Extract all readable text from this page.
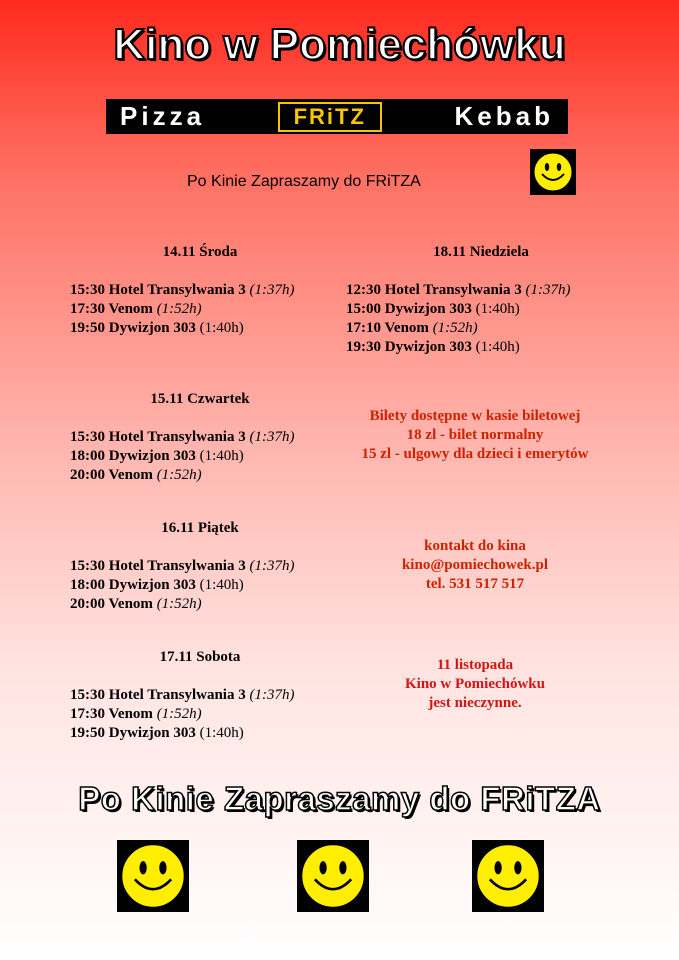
Kino w Pomiechówku
Pizza	FRiTZ	Kebab
Po Kinie Zapraszamy do FRiTZA
14.11 Środa
15:30 Hotel Transylwania 3 (1:37h)
17:30 Venom (1:52h)
19:50 Dywizjon 303 (1:40h)
15.11 Czwartek
15:30 Hotel Transylwania 3 (1:37h)
18:00 Dywizjon 303 (1:40h)
20:00 Venom (1:52h)
16.11 Piątek
15:30 Hotel Transylwania 3 (1:37h)
18:00 Dywizjon 303 (1:40h)
20:00 Venom (1:52h)
17.11 Sobota
15:30 Hotel Transylwania 3 (1:37h)
17:30 Venom (1:52h)
19:50 Dywizjon 303 (1:40h)
18.11 Niedziela
12:30 Hotel Transylwania 3 (1:37h)
15:00 Dywizjon 303 (1:40h)
17:10 Venom (1:52h)
19:30 Dywizjon 303 (1:40h)
Bilety dostępne w kasie biletowej
18 zl - bilet normalny
15 zl - ulgowy dla dzieci i emerytów
kontakt do kina
kino@pomiechowek.pl
tel. 531 517 517
11 listopada
Kino w Pomiechówku
jest nieczynne.
Po Kinie Zapraszamy do FRiTZA
